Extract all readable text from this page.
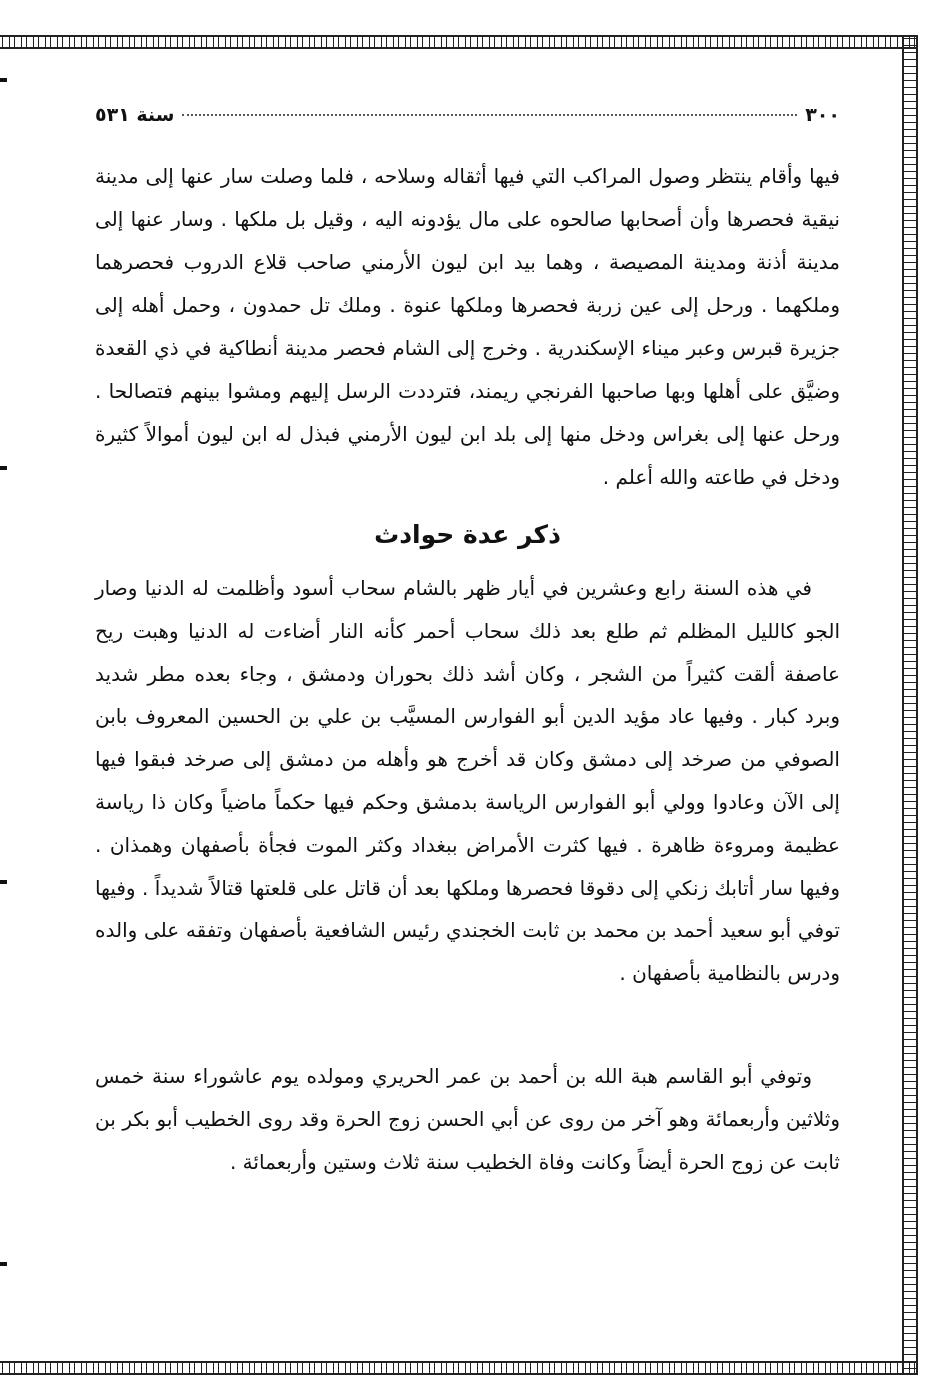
٣٠٠
سنة ٥٣١

فيها وأقام ينتظر وصول المراكب التي فيها أثقاله وسلاحه ، فلما وصلت سار عنها إلى مدينة نيقية فحصرها وأن أصحابها صالحوه على مال يؤدونه اليه ، وقيل بل ملكها . وسار عنها إلى مدينة أذنة ومدينة المصيصة ، وهما بيد ابن ليون الأرمني صاحب قلاع الدروب فحصرهما وملكهما . ورحل إلى عين زربة فحصرها وملكها عنوة . وملك تل حمدون ، وحمل أهله إلى جزيرة قبرس وعبر ميناء الإسكندرية . وخرج إلى الشام فحصر مدينة أنطاكية في ذي القعدة وضيَّق على أهلها وبها صاحبها الفرنجي ريمند، فترددت الرسل إليهم ومشوا بينهم فتصالحا . ورحل عنها إلى بغراس ودخل منها إلى بلد ابن ليون الأرمني فبذل له ابن ليون أموالاً كثيرة ودخل في طاعته والله أعلم .

ذكر عدة حوادث

في هذه السنة رابع وعشرين في أيار ظهر بالشام سحاب أسود وأظلمت له الدنيا وصار الجو كالليل المظلم ثم طلع بعد ذلك سحاب أحمر كأنه النار أضاءت له الدنيا وهبت ريح عاصفة ألقت كثيراً من الشجر ، وكان أشد ذلك بحوران ودمشق ، وجاء بعده مطر شديد وبرد كبار . وفيها عاد مؤيد الدين أبو الفوارس المسيَّب بن علي بن الحسين المعروف بابن الصوفي من صرخد إلى دمشق وكان قد أخرج هو وأهله من دمشق إلى صرخد فبقوا فيها إلى الآن وعادوا وولي أبو الفوارس الرياسة بدمشق وحكم فيها حكماً ماضياً وكان ذا رياسة عظيمة ومروءة ظاهرة . فيها كثرت الأمراض ببغداد وكثر الموت فجأة بأصفهان وهمذان . وفيها سار أتابك زنكي إلى دقوقا فحصرها وملكها بعد أن قاتل على قلعتها قتالاً شديداً . وفيها توفي أبو سعيد أحمد بن محمد بن ثابت الخجندي رئيس الشافعية بأصفهان وتفقه على والده ودرس بالنظامية بأصفهان .

وتوفي أبو القاسم هبة الله بن أحمد بن عمر الحريري ومولده يوم عاشوراء سنة خمس وثلاثين وأربعمائة وهو آخر من روى عن أبي الحسن زوج الحرة وقد روى الخطيب أبو بكر بن ثابت عن زوج الحرة أيضاً وكانت وفاة الخطيب سنة ثلاث وستين وأربعمائة .
